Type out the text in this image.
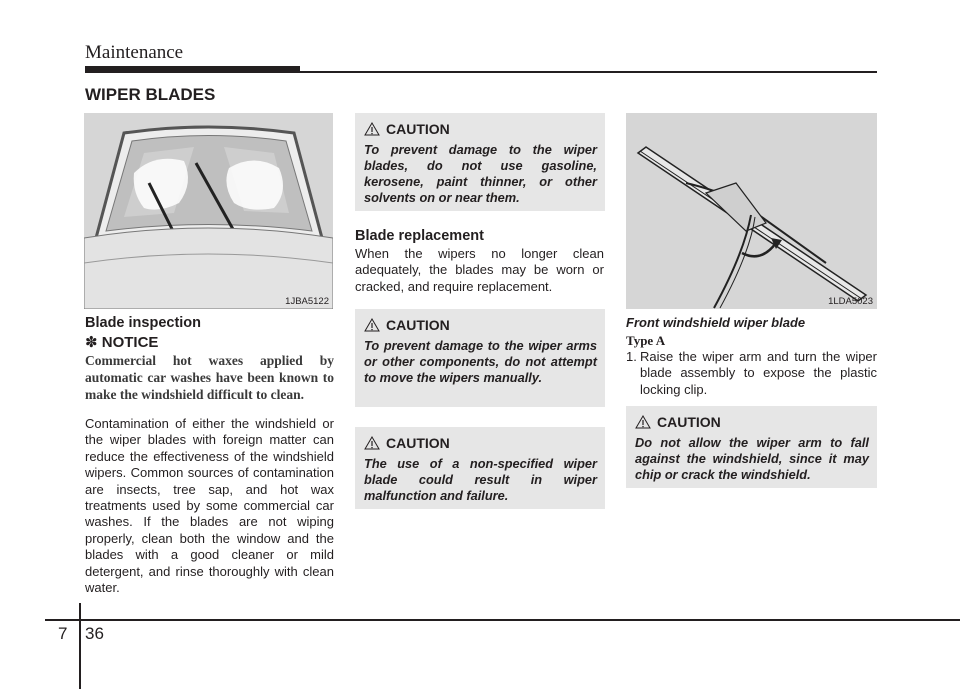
Maintenance
WIPER BLADES
1JBA5122
Blade inspection
✽ NOTICE
Commercial hot waxes applied by automatic car washes have been known to make the windshield difficult to clean.
Contamination of either the windshield or the wiper blades with foreign matter can reduce the effectiveness of the windshield wipers. Common sources of contamination are insects, tree sap, and hot wax treatments used by some commercial car washes. If the blades are not wiping properly, clean both the window and the blades with a good cleaner or mild detergent, and rinse thoroughly with clean water.
CAUTION
To prevent damage to the wiper blades, do not use gasoline, kerosene, paint thinner, or other solvents on or near them.
Blade replacement
When the wipers no longer clean adequately, the blades may be worn or cracked, and require replacement.
CAUTION
To prevent damage to the wiper arms or other components, do not attempt to move the wipers manually.
CAUTION
The use of a non-specified wiper blade could result in wiper malfunction and failure.
1LDA5023
Front windshield wiper blade
Type A
1. Raise the wiper arm and turn the wiper blade assembly to expose the plastic locking clip.
CAUTION
Do not allow the wiper arm to fall against the windshield, since it may chip or crack the windshield.
7 36
